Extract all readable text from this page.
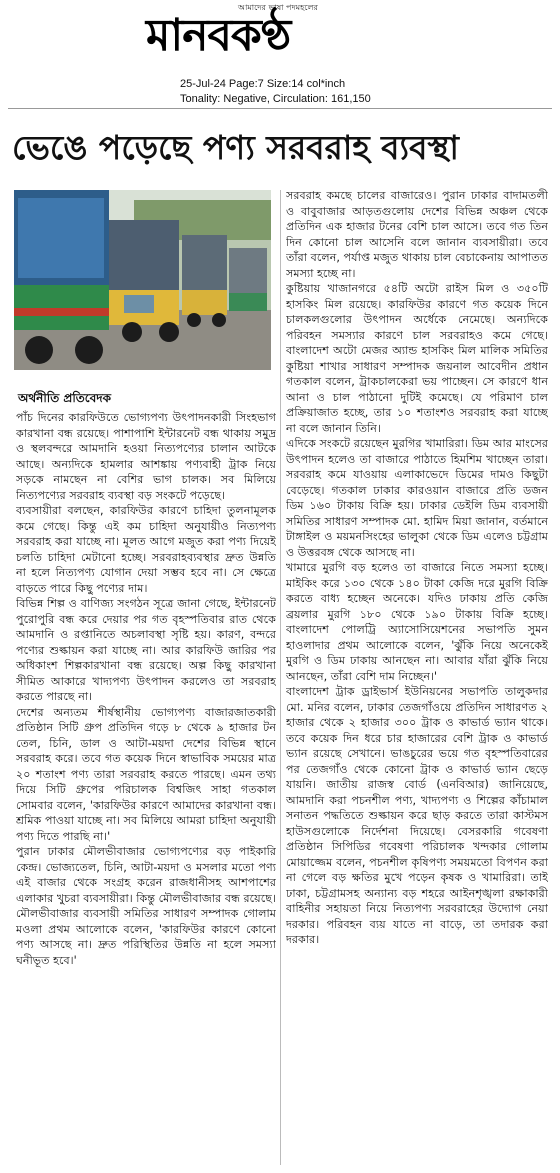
আমাদের ভাষা পদমহলের
মানবকণ্ঠ
25-Jul-24 Page:7 Size:14 col*inch
Tonality: Negative, Circulation: 161,150
ভেঙে পড়েছে পণ্য সরবরাহ ব্যবস্থা
অর্থনীতি প্রতিবেদক

পাঁচ দিনের কারফিউতে ভোগ্যপণ্য উৎপাদনকারী সিংহভাগ কারখানা বন্ধ রয়েছে। পাশাপাশি ইন্টারনেট বন্ধ থাকায় সমুদ্র ও স্থলবন্দরে আমদানি হওয়া নিত্যপণ্যের চালান আটকে আছে। অন্যদিকে হামলার আশঙ্কায় পণ্যবাহী ট্রাক নিয়ে সড়কে নামছেন না বেশির ভাগ চালক। সব মিলিয়ে নিত্যপণ্যের সরবরাহ ব্যবস্থা বড় সংকটে পড়েছে।

ব্যবসায়ীরা বলছেন, কারফিউর কারণে চাহিদা তুলনামূলক কমে গেছে। কিন্তু এই কম চাহিদা অনুযায়ীও নিত্যপণ্য সরবরাহ করা যাচ্ছে না। মূলত আগে মজুত করা পণ্য দিয়েই চলতি চাহিদা মেটানো হচ্ছে। সরবরাহব্যবস্থার দ্রুত উন্নতি না হলে নিত্যপণ্য যোগান দেয়া সম্ভব হবে না। সে ক্ষেত্রে বাড়তে পারে কিছু পণ্যের দাম।

বিভিন্ন শিল্প ও বাণিজ্য সংগঠন সূত্রে জানা গেছে, ইন্টারনেট পুরোপুরি বন্ধ করে দেয়ার পর গত বৃহস্পতিবার রাত থেকে আমদানি ও রপ্তানিতে অচলাবস্থা সৃষ্টি হয়। কারণ, বন্দরে পণ্যের শুল্কায়ন করা যাচ্ছে না। আর কারফিউ জারির পর অধিকাংশ শিল্পকারখানা বন্ধ রয়েছে। অল্প কিছু কারখানা সীমিত আকারে খাদ্যপণ্য উৎপাদন করলেও তা সরবরাহ করতে পারছে না।

দেশের অন্যতম শীর্ষস্থানীয় ভোগ্যপণ্য বাজারজাতকারী প্রতিষ্ঠান সিটি গ্রুপ প্রতিদিন গড়ে ৮ থেকে ৯ হাজার টন তেল, চিনি, ডাল ও আটা-ময়দা দেশের বিভিন্ন স্থানে সরবরাহ করে। তবে গত কয়েক দিনে স্বাভাবিক সময়ের মাত্র ২০ শতাংশ পণ্য তারা সরবরাহ করতে পারছে। এমন তথ্য দিয়ে সিটি গ্রুপের পরিচালক বিশ্বজিৎ সাহা গতকাল সোমবার বলেন, 'কারফিউর কারণে আমাদের কারখানা বন্ধ। শ্রমিক পাওয়া যাচ্ছে না। সব মিলিয়ে আমরা চাহিদা অনুযায়ী পণ্য দিতে পারছি না।'

পুরান ঢাকার মৌলভীবাজার ভোগ্যপণ্যের বড় পাইকারি কেন্দ্র। ভোজ্যতেল, চিনি, আটা-ময়দা ও মসলার মতো পণ্য এই বাজার থেকে সংগ্রহ করেন রাজধানীসহ আশপাশের এলাকার খুচরা ব্যবসায়ীরা। কিন্তু মৌলভীবাজার বন্ধ রয়েছে। মৌলভীবাজার ব্যবসায়ী সমিতির সাধারণ সম্পাদক গোলাম মওলা প্রথম আলোকে বলেন, 'কারফিউর কারণে কোনো পণ্য আসছে না। দ্রুত পরিস্থিতির উন্নতি না হলে সমস্যা ঘনীভূত হবে।'

সরবরাহ কমছে চালের বাজারেও। পুরান ঢাকার বাদামতলী ও বাবুবাজার আড়তগুলোয় দেশের বিভিন্ন অঞ্চল থেকে প্রতিদিন এক হাজার টনের বেশি চাল আসে। তবে গত তিন দিন কোনো চাল আসেনি বলে জানান ব্যবসায়ীরা। তবে তাঁরা বলেন, পর্যাপ্ত মজুত থাকায় চাল বেচাকেনায় আপাতত সমস্যা হচ্ছে না।

কুষ্টিয়ায় খাজানগরে ৫৪টি অটো রাইস মিল ও ৩৫০টি হাসকিং মিল রয়েছে। কারফিউর কারণে গত কয়েক দিনে চালকলগুলোর উৎপাদন অর্ধেকে নেমেছে। অন্যদিকে পরিবহন সমস্যার কারণে চাল সরবরাহও কমে গেছে। বাংলাদেশ অটো মেজর অ্যান্ড হাসকিং মিল মালিক সমিতির কুষ্টিয়া শাখার সাধারণ সম্পাদক জয়নাল আবেদীন প্রধান গতকাল বলেন, ট্রাকচালকেরা ভয় পাচ্ছেন। সে কারণে ধান আনা ও চাল পাঠানো দুটিই কমেছে। যে পরিমাণ চাল প্রক্রিয়াজাত হচ্ছে, তার ১০ শতাংশও সরবরাহ করা যাচ্ছে না বলে জানান তিনি।

এদিকে সংকটে রয়েছেন মুরগির খামারিরা। ডিম আর মাংসের উৎপাদন হলেও তা বাজারে পাঠাতে হিমশিম খাচ্ছেন তারা। সরবরাহ কমে যাওয়ায় এলাকাভেদে ডিমের দামও কিছুটা বেড়েছে। গতকাল ঢাকার কারওয়ান বাজারে প্রতি ডজন ডিম ১৬০ টাকায় বিক্রি হয়। ঢাকার ডেইলি ডিম ব্যবসায়ী সমিতির সাধারণ সম্পাদক মো. হামিদ মিয়া জানান, বর্তমানে টাঙ্গাইল ও ময়মনসিংহের ভালুকা থেকে ডিম এলেও চট্টগ্রাম ও উত্তরবঙ্গ থেকে আসছে না।

খামারে মুরগি বড় হলেও তা বাজারে নিতে সমস্যা হচ্ছে। মাইকিং করে ১৩০ থেকে ১৪০ টাকা কেজি দরে মুরগি বিক্রি করতে বাধ্য হচ্ছেন অনেকে। যদিও ঢাকায় প্রতি কেজি ব্রয়লার মুরগি ১৮০ থেকে ১৯০ টাকায় বিক্রি হচ্ছে। বাংলাদেশ পোলট্রি অ্যাসোসিয়েশনের সভাপতি সুমন হাওলাদার প্রথম আলোকে বলেন, 'ঝুঁকি নিয়ে অনেকেই মুরগি ও ডিম ঢাকায় আনছেন না। আবার যাঁরা ঝুঁকি নিয়ে আনছেন, তাঁরা বেশি দাম নিচ্ছেন।'

বাংলাদেশ ট্রাক ড্রাইভার্স ইউনিয়নের সভাপতি তালুকদার মো. মনির বলেন, ঢাকার তেজগাঁওয়ে প্রতিদিন সাধারণত ২ হাজার থেকে ২ হাজার ৩০০ ট্রাক ও কাভার্ড ভ্যান থাকে। তবে কয়েক দিন ধরে চার হাজারের বেশি ট্রাক ও কাভার্ড ভ্যান রয়েছে সেখানে। ভাঙচুরের ভয়ে গত বৃহস্পতিবারের পর তেজগাঁও থেকে কোনো ট্রাক ও কাভার্ড ভ্যান ছেড়ে যায়নি। জাতীয় রাজস্ব বোর্ড (এনবিআর) জানিয়েছে, আমদানি করা পচনশীল পণ্য, খাদ্যপণ্য ও শিল্পের কাঁচামাল সনাতন পদ্ধতিতে শুল্কায়ন করে ছাড় করতে তারা কাস্টমস হাউসগুলোকে নির্দেশনা দিয়েছে। বেসরকারি গবেষণা প্রতিষ্ঠান সিপিডির গবেষণা পরিচালক খন্দকার গোলাম মোয়াজ্জেম বলেন, পচনশীল কৃষিপণ্য সময়মতো বিপণন করা না গেলে বড় ক্ষতির মুখে পড়েন কৃষক ও খামারিরা। তাই ঢাকা, চট্টগ্রামসহ অন্যান্য বড় শহরে আইনশৃঙ্খলা রক্ষাকারী বাহিনীর সহায়তা নিয়ে নিত্যপণ্য সরবরাহের উদ্যোগ নেয়া দরকার। পরিবহন ব্যয় যাতে না বাড়ে, তা তদারক করা দরকার।
